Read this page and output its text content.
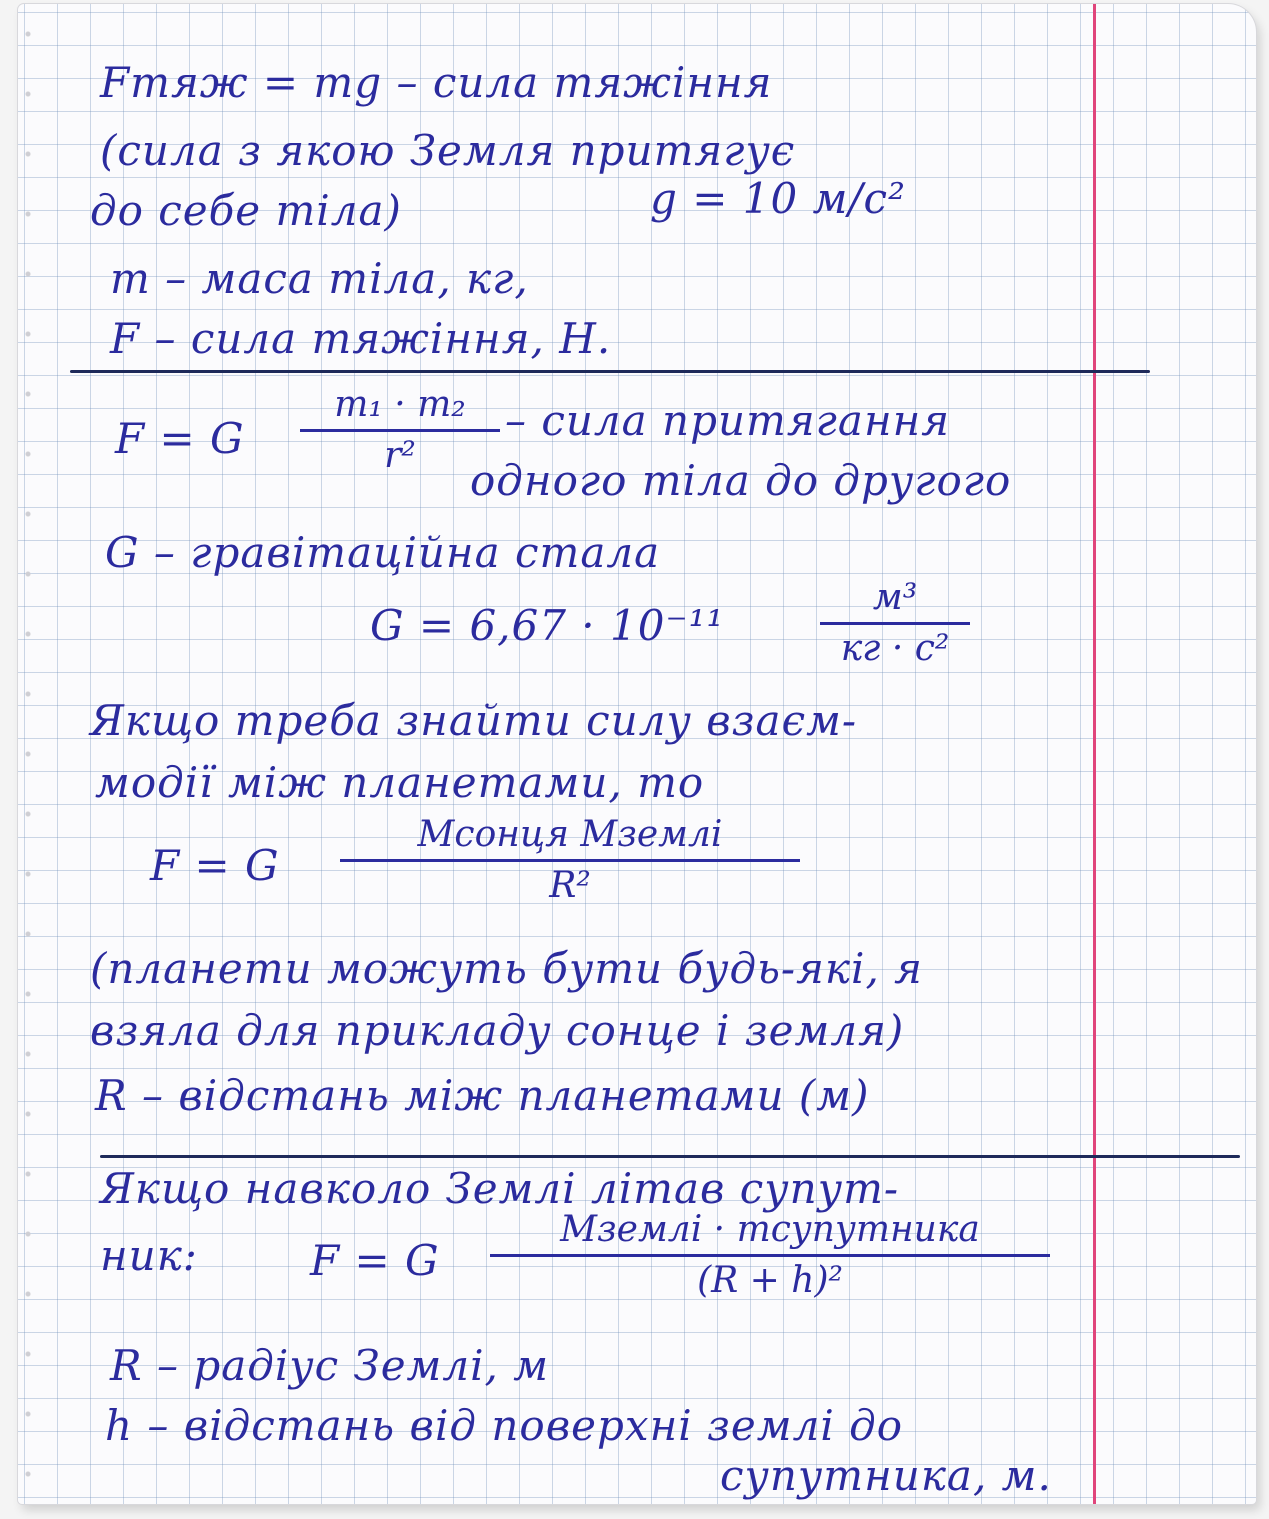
Fтяж = mg – сила тяжіння
(сила з якою Земля притягує
до себе тіла)	g = 10 м/с²
m – маса тіла, кг,
F – сила тяжіння, Н.
F = G
m₁ · m₂
r²
– сила притягання
одного тіла до другого
G – гравітаційна стала
G = 6,67 · 10⁻¹¹
м³
кг · с²
Якщо треба знайти силу взаєм-
модії між планетами, то
F = G
Mсонця Mземлі
R²
(планети можуть бути будь-які, я
взяла для прикладу сонце і земля)
R – відстань між планетами (м)
Якщо навколо Землі літав супут-
ник:	F = G
Mземлі · mсупутника
(R + h)²
R – радіус Землі, м
h – відстань від поверхні землі до
супутника, м.
